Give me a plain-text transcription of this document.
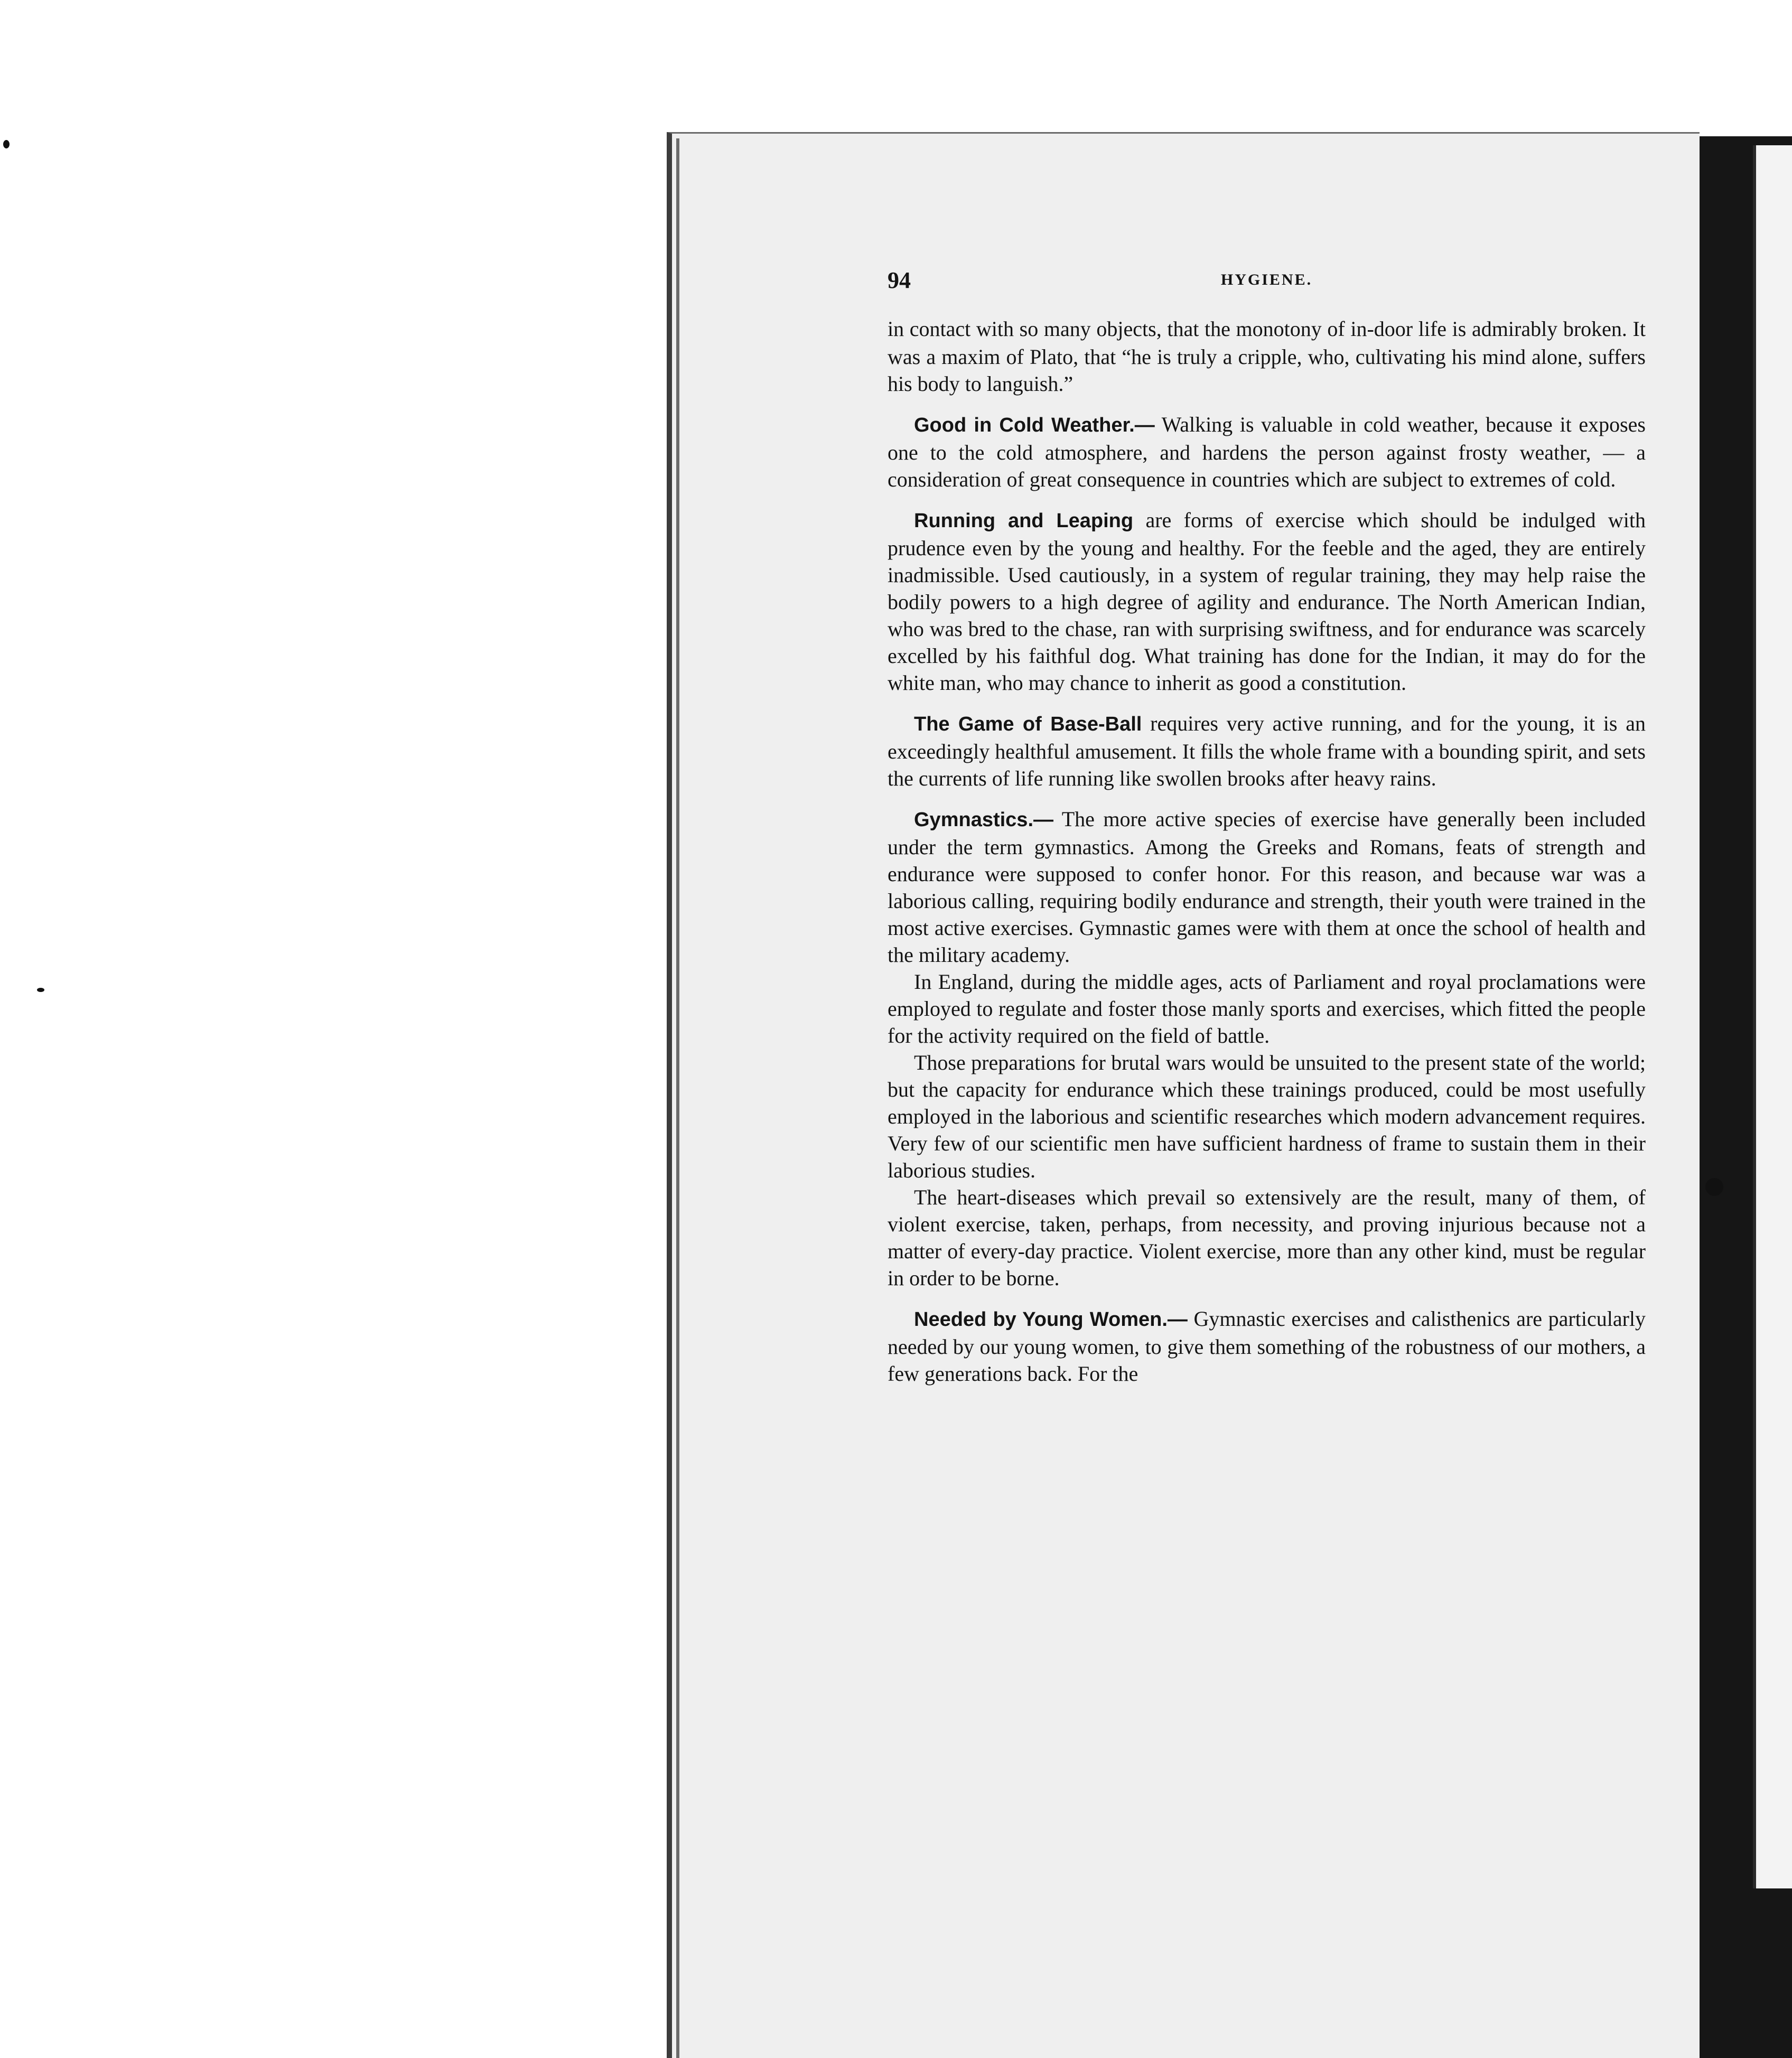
94	HYGIENE.

in contact with so many objects, that the monotony of in-door life is admirably broken. It was a maxim of Plato, that “he is truly a cripple, who, cultivating his mind alone, suffers his body to languish.”

Good in Cold Weather.— Walking is valuable in cold weather, because it exposes one to the cold atmosphere, and hardens the person against frosty weather, — a consideration of great consequence in countries which are subject to extremes of cold.

Running and Leaping are forms of exercise which should be indulged with prudence even by the young and healthy. For the feeble and the aged, they are entirely inadmissible. Used cautiously, in a system of regular training, they may help raise the bodily powers to a high degree of agility and endurance. The North American Indian, who was bred to the chase, ran with surprising swiftness, and for endurance was scarcely excelled by his faithful dog. What training has done for the Indian, it may do for the white man, who may chance to inherit as good a constitution.

The Game of Base-Ball requires very active running, and for the young, it is an exceedingly healthful amusement. It fills the whole frame with a bounding spirit, and sets the currents of life running like swollen brooks after heavy rains.

Gymnastics.— The more active species of exercise have generally been included under the term gymnastics. Among the Greeks and Romans, feats of strength and endurance were supposed to confer honor. For this reason, and because war was a laborious calling, requiring bodily endurance and strength, their youth were trained in the most active exercises. Gymnastic games were with them at once the school of health and the military academy.

In England, during the middle ages, acts of Parliament and royal proclamations were employed to regulate and foster those manly sports and exercises, which fitted the people for the activity required on the field of battle.

Those preparations for brutal wars would be unsuited to the present state of the world; but the capacity for endurance which these trainings produced, could be most usefully employed in the laborious and scientific researches which modern advancement requires. Very few of our scientific men have sufficient hardness of frame to sustain them in their laborious studies.

The heart-diseases which prevail so extensively are the result, many of them, of violent exercise, taken, perhaps, from necessity, and proving injurious because not a matter of every-day practice. Violent exercise, more than any other kind, must be regular in order to be borne.

Needed by Young Women.— Gymnastic exercises and calisthenics are particularly needed by our young women, to give them something of the robustness of our mothers, a few generations back. For the
